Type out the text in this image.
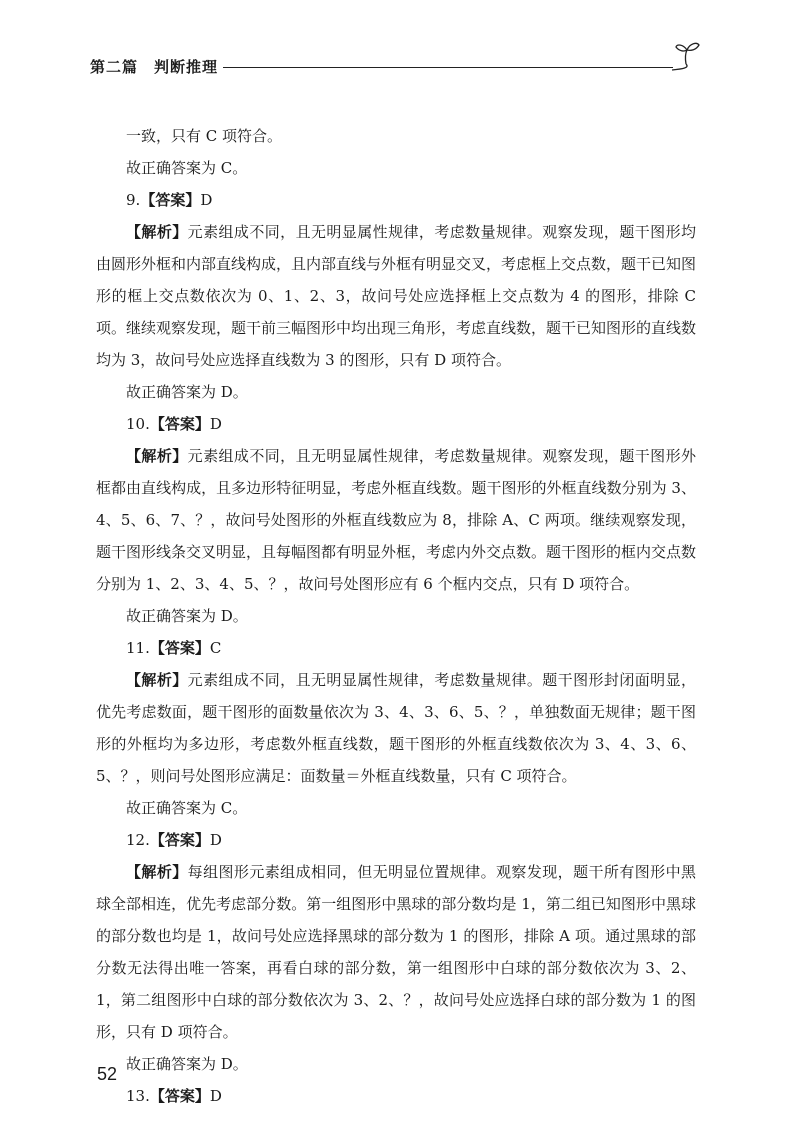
第二篇　判断推理

一致，只有 C 项符合。

故正确答案为 C。

9.【答案】D

【解析】元素组成不同，且无明显属性规律，考虑数量规律。观察发现，题干图形均由圆形外框和内部直线构成，且内部直线与外框有明显交叉，考虑框上交点数，题干已知图形的框上交点数依次为 0、1、2、3，故问号处应选择框上交点数为 4 的图形，排除 C 项。继续观察发现，题干前三幅图形中均出现三角形，考虑直线数，题干已知图形的直线数均为 3，故问号处应选择直线数为 3 的图形，只有 D 项符合。

故正确答案为 D。

10.【答案】D

【解析】元素组成不同，且无明显属性规律，考虑数量规律。观察发现，题干图形外框都由直线构成，且多边形特征明显，考虑外框直线数。题干图形的外框直线数分别为 3、4、5、6、7、？，故问号处图形的外框直线数应为 8，排除 A、C 两项。继续观察发现，题干图形线条交叉明显，且每幅图都有明显外框，考虑内外交点数。题干图形的框内交点数分别为 1、2、3、4、5、？，故问号处图形应有 6 个框内交点，只有 D 项符合。

故正确答案为 D。

11.【答案】C

【解析】元素组成不同，且无明显属性规律，考虑数量规律。题干图形封闭面明显，优先考虑数面，题干图形的面数量依次为 3、4、3、6、5、？，单独数面无规律；题干图形的外框均为多边形，考虑数外框直线数，题干图形的外框直线数依次为 3、4、3、6、5、？，则问号处图形应满足：面数量＝外框直线数量，只有 C 项符合。

故正确答案为 C。

12.【答案】D

【解析】每组图形元素组成相同，但无明显位置规律。观察发现，题干所有图形中黑球全部相连，优先考虑部分数。第一组图形中黑球的部分数均是 1，第二组已知图形中黑球的部分数也均是 1，故问号处应选择黑球的部分数为 1 的图形，排除 A 项。通过黑球的部分数无法得出唯一答案，再看白球的部分数，第一组图形中白球的部分数依次为 3、2、1，第二组图形中白球的部分数依次为 3、2、？，故问号处应选择白球的部分数为 1 的图形，只有 D 项符合。

故正确答案为 D。

13.【答案】D

52
